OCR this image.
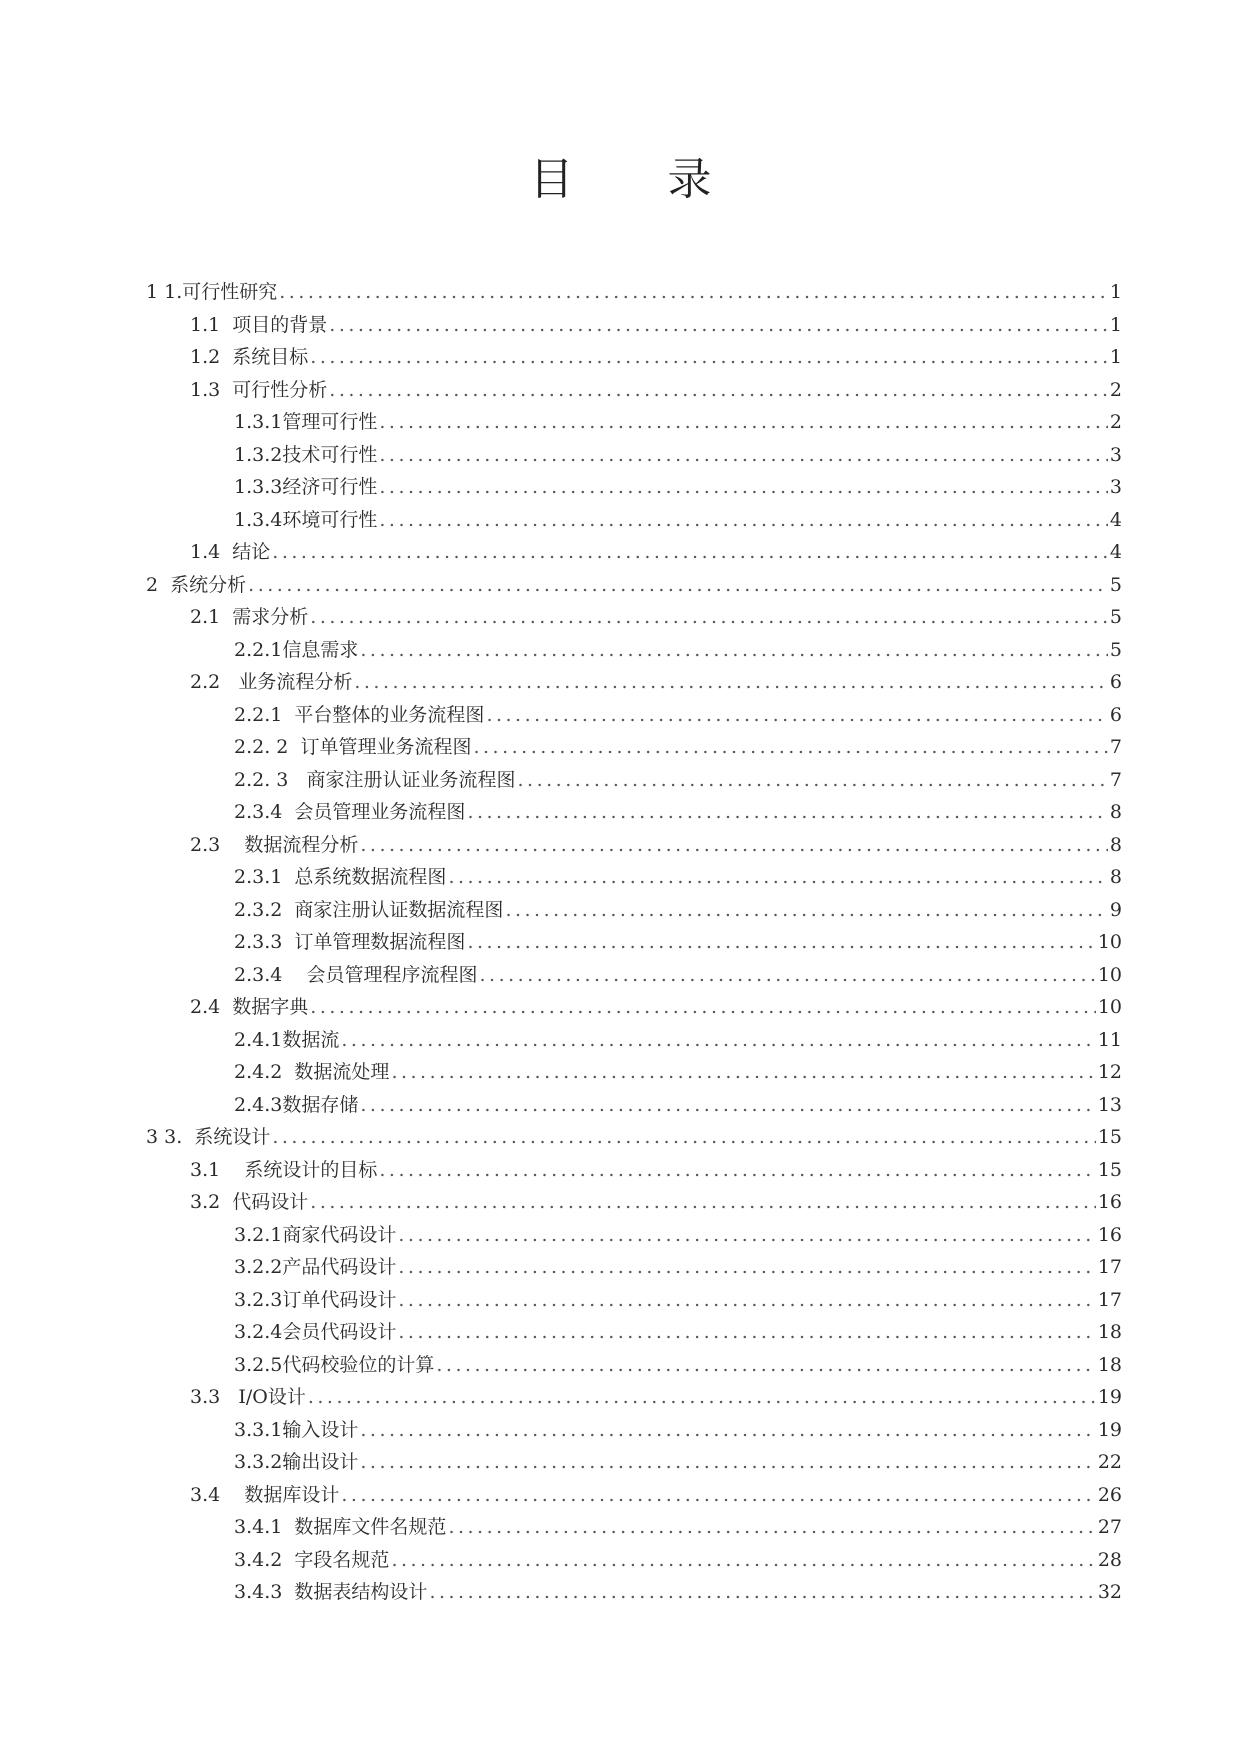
目 录
1 1.可行性研究 .....	1
1.1  项目的背景 .....	1
1.2  系统目标 .....	1
1.3  可行性分析 .....	2
1.3.1管理可行性 .....	2
1.3.2技术可行性 .....	3
1.3.3经济可行性 .....	3
1.3.4环境可行性 .....	4
1.4  结论 .....	4
2  系统分析 .....	5
2.1  需求分析 .....	5
2.2.1信息需求 .....	5
2.2   业务流程分析 .....	6
2.2.1  平台整体的业务流程图 .....	6
2.2. 2  订单管理业务流程图 .....	7
2.2. 3   商家注册认证业务流程图 .....	7
2.3.4  会员管理业务流程图 .....	8
2.3    数据流程分析 .....	8
2.3.1  总系统数据流程图 .....	8
2.3.2  商家注册认证数据流程图 .....	9
2.3.3  订单管理数据流程图 .....	10
2.3.4    会员管理程序流程图 .....	10
2.4  数据字典 .....	10
2.4.1数据流 .....	11
2.4.2  数据流处理 .....	12
2.4.3数据存储 .....	13
3 3.  系统设计 .....	15
3.1    系统设计的目标 .....	15
3.2  代码设计 .....	16
3.2.1商家代码设计 .....	16
3.2.2产品代码设计 .....	17
3.2.3订单代码设计 .....	17
3.2.4会员代码设计 .....	18
3.2.5代码校验位的计算 .....	18
3.3   I/O设计 .....	19
3.3.1输入设计 .....	19
3.3.2输出设计 .....	22
3.4    数据库设计 .....	26
3.4.1  数据库文件名规范 .....	27
3.4.2  字段名规范 .....	28
3.4.3  数据表结构设计 .....	32
